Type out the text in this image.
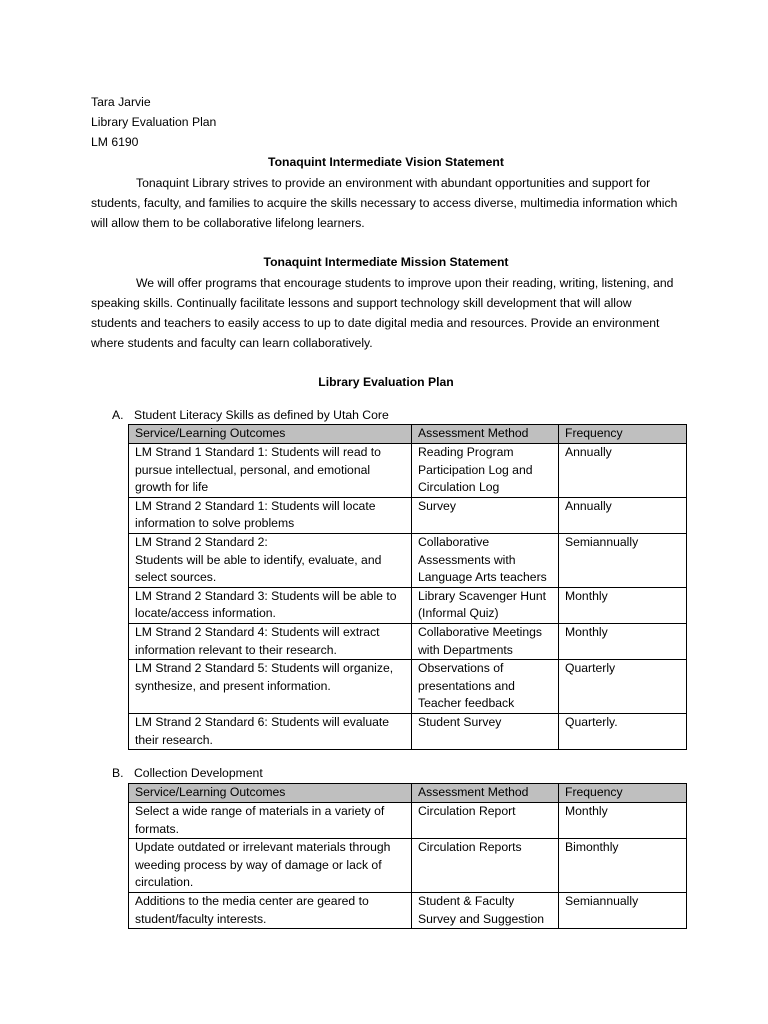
Tara Jarvie
Library Evaluation Plan
LM 6190
Tonaquint Intermediate Vision Statement
Tonaquint Library strives to provide an environment with abundant opportunities and support for students, faculty, and families to acquire the skills necessary to access diverse, multimedia information which will allow them to be collaborative lifelong learners.
Tonaquint Intermediate Mission Statement
We will offer programs that encourage students to improve upon their reading, writing, listening, and speaking skills. Continually facilitate lessons and support technology skill development that will allow students and teachers to easily access to up to date digital media and resources. Provide an environment where students and faculty can learn collaboratively.
Library Evaluation Plan
A. Student Literacy Skills as defined by Utah Core
Service/Learning Outcomes	Assessment Method	Frequency
LM Strand 1 Standard 1: Students will read to pursue intellectual, personal, and emotional growth for life	Reading Program Participation Log and Circulation Log	Annually
LM Strand 2 Standard 1: Students will locate information to solve problems	Survey	Annually
LM Strand 2 Standard 2:
Students will be able to identify, evaluate, and select sources.	Collaborative Assessments with Language Arts teachers	Semiannually
LM Strand 2 Standard 3: Students will be able to locate/access information.	Library Scavenger Hunt (Informal Quiz)	Monthly
LM Strand 2 Standard 4: Students will extract information relevant to their research.	Collaborative Meetings with Departments	Monthly
LM Strand 2 Standard 5: Students will organize, synthesize, and present information.	Observations of presentations and Teacher feedback	Quarterly
LM Strand 2 Standard 6: Students will evaluate their research.	Student Survey	Quarterly.
B. Collection Development
Service/Learning Outcomes	Assessment Method	Frequency
Select a wide range of materials in a variety of formats.	Circulation Report	Monthly
Update outdated or irrelevant materials through weeding process by way of damage or lack of circulation.	Circulation Reports	Bimonthly
Additions to the media center are geared to student/faculty interests.	Student & Faculty Survey and Suggestion	Semiannually
